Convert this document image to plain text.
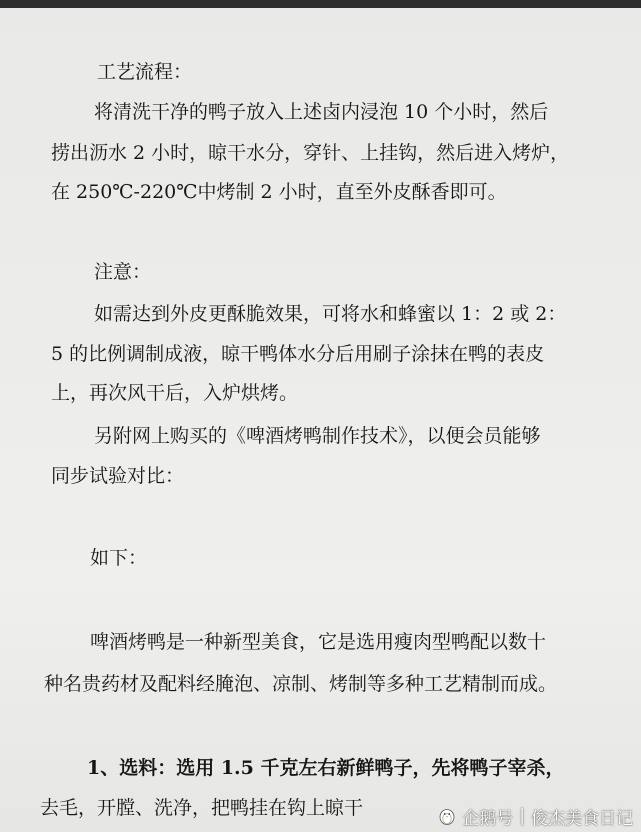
工艺流程：
将清洗干净的鸭子放入上述卤内浸泡 10 个小时，然后
捞出沥水 2 小时，晾干水分，穿针、上挂钩，然后进入烤炉，
在 250℃-220℃中烤制 2 小时，直至外皮酥香即可。
注意：
如需达到外皮更酥脆效果，可将水和蜂蜜以 1：2 或 2：
5 的比例调制成液，晾干鸭体水分后用刷子涂抹在鸭的表皮
上，再次风干后，入炉烘烤。
另附网上购买的《啤酒烤鸭制作技术》，以便会员能够
同步试验对比：
如下：
啤酒烤鸭是一种新型美食，它是选用瘦肉型鸭配以数十
种名贵药材及配料经腌泡、凉制、烤制等多种工艺精制而成。
1、选料：选用 1.5 千克左右新鲜鸭子，先将鸭子宰杀，
去毛，开膛、洗净，把鸭挂在钩上晾干	企鹅号 | 俊杰美食日记
